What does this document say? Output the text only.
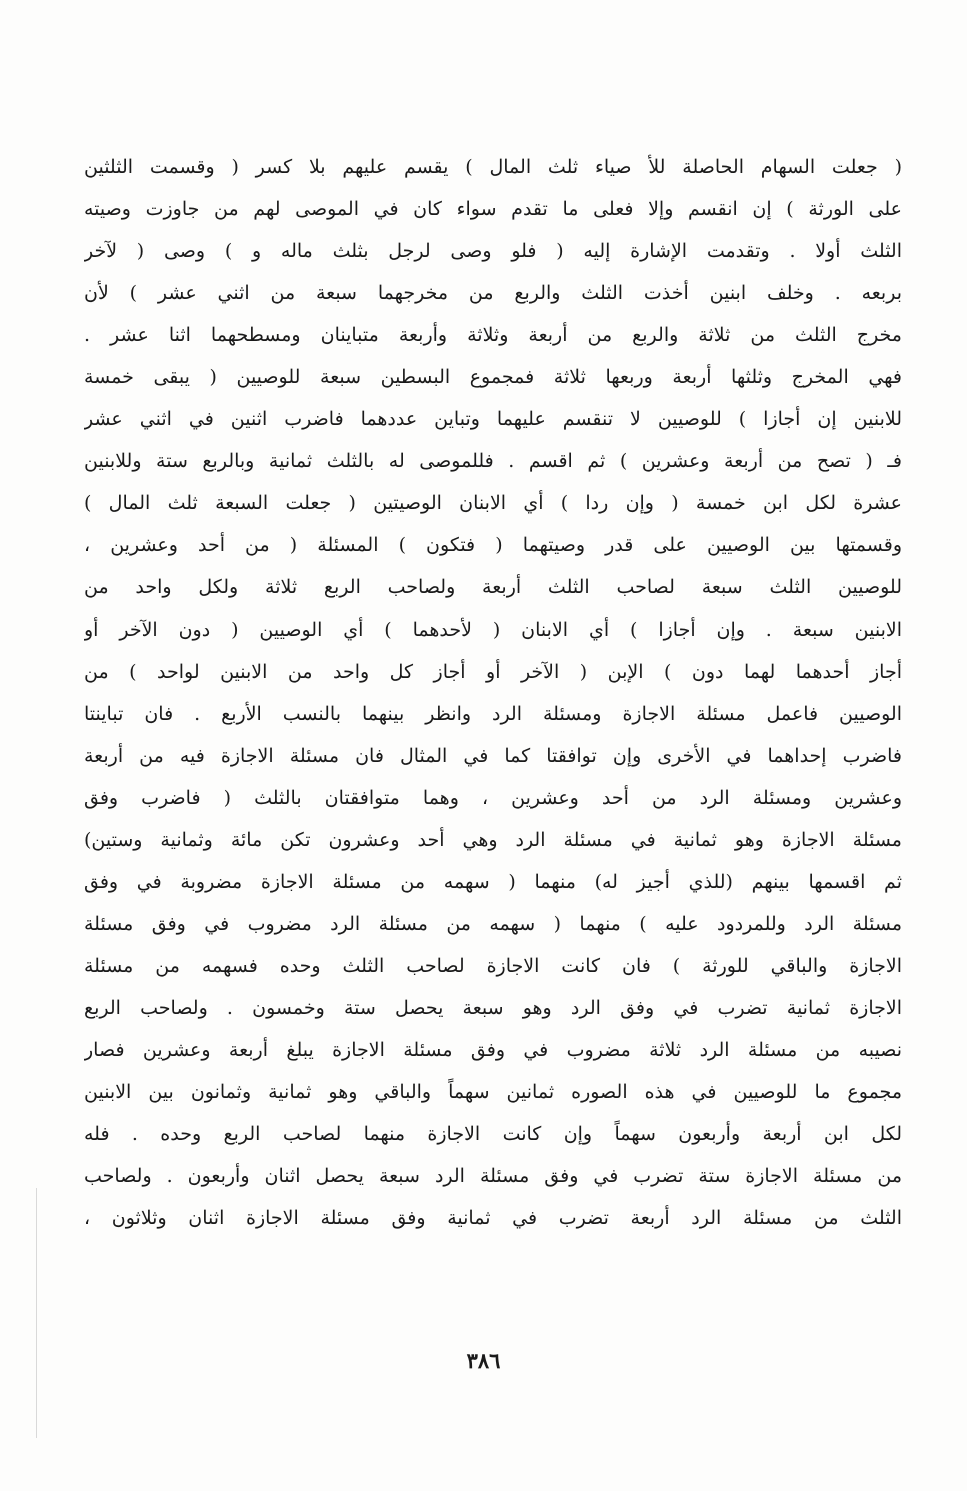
( جعلت السهام الحاصلة للأ صياء ثلث المال ) يقسم عليهم بلا كسر ( وقسمت الثلثين
على الورثة ) إن انقسم وإلا فعلى ما تقدم سواء كان في الموصى لهم من جاوزت وصيته
الثلث أولا . وتقدمت الإشارة إليه ( فلو وصى لرجل بثلث ماله و ) وصى ( لآخر
بربعه . وخلف ابنين أخذت الثلث والربع من مخرجهما سبعة من اثني عشر ) لأن
مخرج الثلث من ثلاثة والربع من أربعة وثلاثة وأربعة متباينان ومسطحهما اثنا عشر .
فهي المخرج وثلثها أربعة وربعها ثلاثة فمجموع البسطين سبعة للوصيين ( يبقى خمسة
للابنين إن أجازا ) للوصيين لا تنقسم عليهما وتباين عددهما فاضرب اثنين في اثني عشر
فـ ( تصح من أربعة وعشرين ) ثم اقسم . فللموصى له بالثلث ثمانية وبالربع ستة وللابنين
عشرة لكل ابن خمسة ( وإن ردا ) أي الابنان الوصيتين ( جعلت السبعة ثلث المال )
وقسمتها بين الوصيين على قدر وصيتهما ( فتكون ) المسئلة ( من أحد وعشرين ،
للوصيين الثلث سبعة لصاحب الثلث أربعة ولصاحب الربع ثلاثة ولكل واحد من
الابنين سبعة . وإن أجازا ) أي الابنان ( لأحدهما ) أي الوصيين ( دون الآخر أو
أجاز أحدهما لهما دون ) الإبن ( الآخر أو أجاز كل واحد من الابنين لواحد ) من
الوصيين فاعمل مسئلة الاجازة ومسئلة الرد وانظر بينهما بالنسب الأربع . فان تباينتا
فاضرب إحداهما في الأخرى وإن توافقتا كما في المثال فان مسئلة الاجازة فيه من أربعة
وعشرين ومسئلة الرد من أحد وعشرين ، وهما متوافقتان بالثلث ( فاضرب وفق
مسئلة الاجازة وهو ثمانية في مسئلة الرد وهي أحد وعشرون تكن مائة وثمانية وستين)
ثم اقسمها بينهم (للذي أجيز له) منهما ( سهمه من مسئلة الاجازة مضروبة في وفق
مسئلة الرد وللمردود عليه ) منهما ( سهمه من مسئلة الرد مضروب في وفق مسئلة
الاجازة والباقي للورثة ) فان كانت الاجازة لصاحب الثلث وحده فسهمه من مسئلة
الاجازة ثمانية تضرب في وفق الرد وهو سبعة يحصل ستة وخمسون . ولصاحب الربع
نصيبه من مسئلة الرد ثلاثة مضروب في وفق مسئلة الاجازة يبلغ أربعة وعشرين فصار
مجموع ما للوصيين في هذه الصوره ثمانين سهماً والباقي وهو ثمانية وثمانون بين الابنين
لكل ابن أربعة وأربعون سهماً وإن كانت الاجازة منهما لصاحب الربع وحده . فله
من مسئلة الاجازة ستة تضرب في وفق مسئلة الرد سبعة يحصل اثنان وأربعون . ولصاحب
الثلث من مسئلة الرد أربعة تضرب في ثمانية وفق مسئلة الاجازة اثنان وثلاثون ،
٣٨٦
